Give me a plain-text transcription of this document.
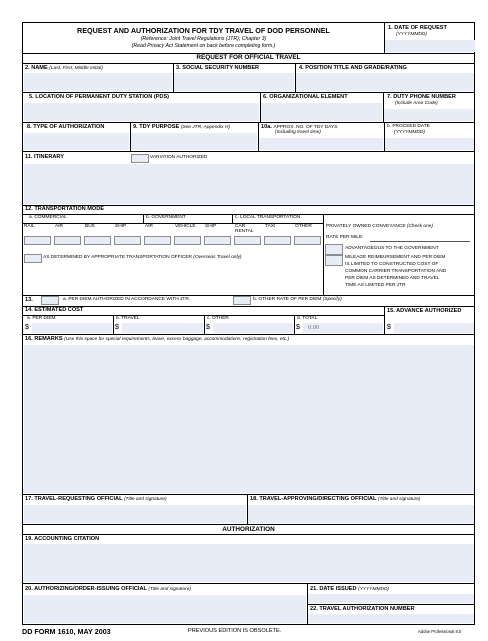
REQUEST AND AUTHORIZATION FOR TDY TRAVEL OF DOD PERSONNEL
(Reference: Joint Travel Regulations (JTR), Chapter 3)
(Read Privacy Act Statement on back before completing form.)
1. DATE OF REQUEST
(YYYYMMDD)
REQUEST FOR OFFICIAL TRAVEL
2. NAME (Last, First, Middle Initial)	3. SOCIAL SECURITY NUMBER	4. POSITION TITLE AND GRADE/RATING
5. LOCATION OF PERMANENT DUTY STATION (PDS)	6. ORGANIZATIONAL ELEMENT	7. DUTY PHONE NUMBER
(Include Area Code)
8. TYPE OF AUTHORIZATION	9. TDY PURPOSE (See JTR, Appendix H)	10a. APPROX. NO. OF TDY DAYS
(Including travel time)
b. PROCEED DATE
(YYYYMMDD)
11. ITINERARY	VARIATION AUTHORIZED
12. TRANSPORTATION MODE
a. COMMERCIAL	b. GOVERNMENT	c. LOCAL TRANSPORTATION
RAIL	AIR	BUS	SHIP	AIR	VEHICLE SHIP	CAR RENTAL
TAXI	OTHER
AS DETERMINED BY APPROPRIATE TRANSPORTATION OFFICER (Overseas Travel only)
PRIVATELY OWNED CONVEYANCE (Check one)
RATE PER MILE:
ADVANTAGEOUS TO THE GOVERNMENT
MILEAGE REIMBURSEMENT AND PER DIEM
IS LIMITED TO CONSTRUCTED COST OF
COMMON CARRIER TRANSPORTATION AND
PER DIEM AS DETERMINED AND TRAVEL
TIME AS LIMITED PER JTR
13.	a. PER DIEM AUTHORIZED IN ACCORDANCE WITH JTR.	b. OTHER RATE OF PER DIEM (Specify)
14. ESTIMATED COST
a. PER DIEM
$
b. TRAVEL
$
c. OTHER
$
d. TOTAL
$ 0.00
15. ADVANCE AUTHORIZED
$
16. REMARKS (Use this space for special requirements, leave, excess baggage, accommodations, registration fees, etc.)
17. TRAVEL-REQUESTING OFFICIAL (Title and signature)	18. TRAVEL-APPROVING/DIRECTING OFFICIAL (Title and signature)
AUTHORIZATION
19. ACCOUNTING CITATION
20. AUTHORIZING/ORDER-ISSUING OFFICIAL (Title and signature)	21. DATE ISSUED (YYYYMMDD)
22. TRAVEL AUTHORIZATION NUMBER
DD FORM 1610, MAY 2003	PREVIOUS EDITION IS OBSOLETE.	Adobe Professional 8.0
